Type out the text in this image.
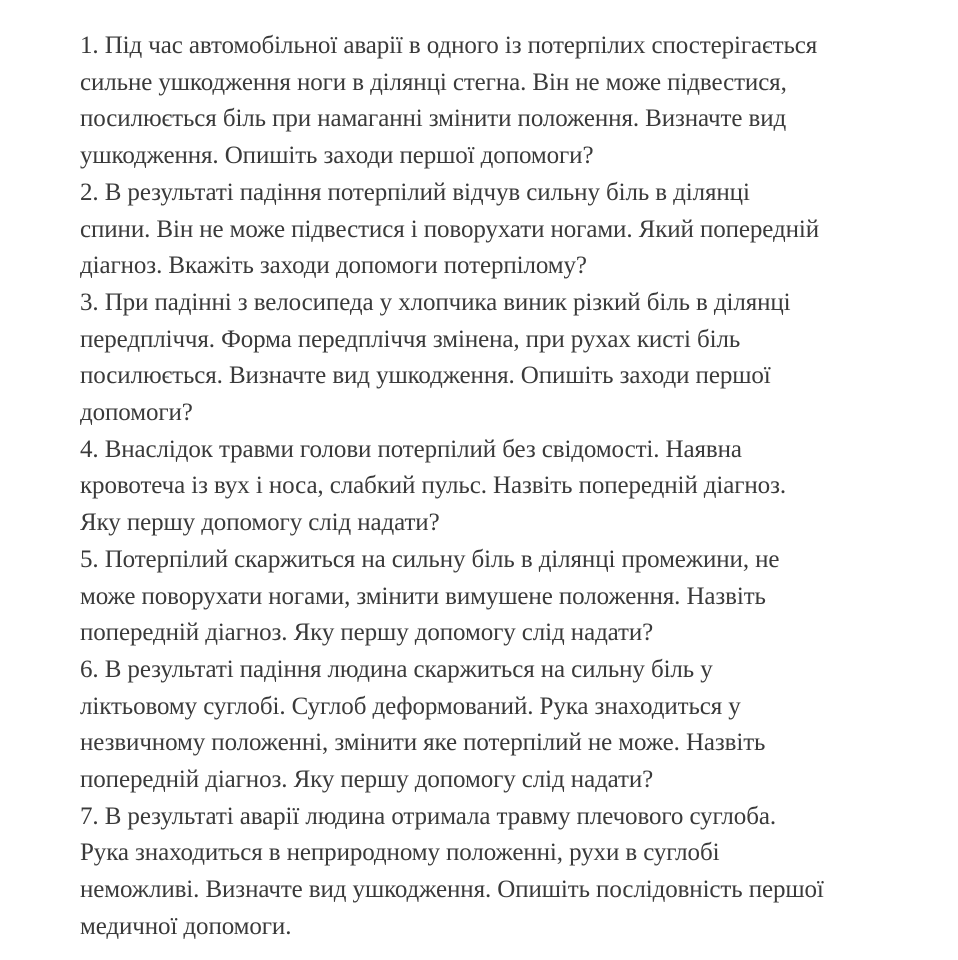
1. Під час автомобільної аварії в одного із потерпілих спостерігається
сильне ушкодження ноги в ділянці стегна. Він не може підвестися,
посилюється біль при намаганні змінити положення. Визначте вид
ушкодження. Опишіть заходи першої допомоги?
2. В результаті падіння потерпілий відчув сильну біль в ділянці
спини. Він не може підвестися і поворухати ногами. Який попередній
діагноз. Вкажіть заходи допомоги потерпілому?
3. При падінні з велосипеда у хлопчика виник різкий біль в ділянці
передпліччя. Форма передпліччя змінена, при рухах кисті біль
посилюється. Визначте вид ушкодження. Опишіть заходи першої
допомоги?
4. Внаслідок травми голови потерпілий без свідомості. Наявна
кровотеча із вух і носа, слабкий пульс. Назвіть попередній діагноз.
Яку першу допомогу слід надати?
5. Потерпілий скаржиться на сильну біль в ділянці промежини, не
може поворухати ногами, змінити вимушене положення. Назвіть
попередній діагноз. Яку першу допомогу слід надати?
6. В результаті падіння людина скаржиться на сильну біль у
ліктьовому суглобі. Суглоб деформований. Рука знаходиться у
незвичному положенні, змінити яке потерпілий не може. Назвіть
попередній діагноз. Яку першу допомогу слід надати?
7. В результаті аварії людина отримала травму плечового суглоба.
Рука знаходиться в неприродному положенні, рухи в суглобі
неможливі. Визначте вид ушкодження. Опишіть послідовність першої
медичної допомоги.
